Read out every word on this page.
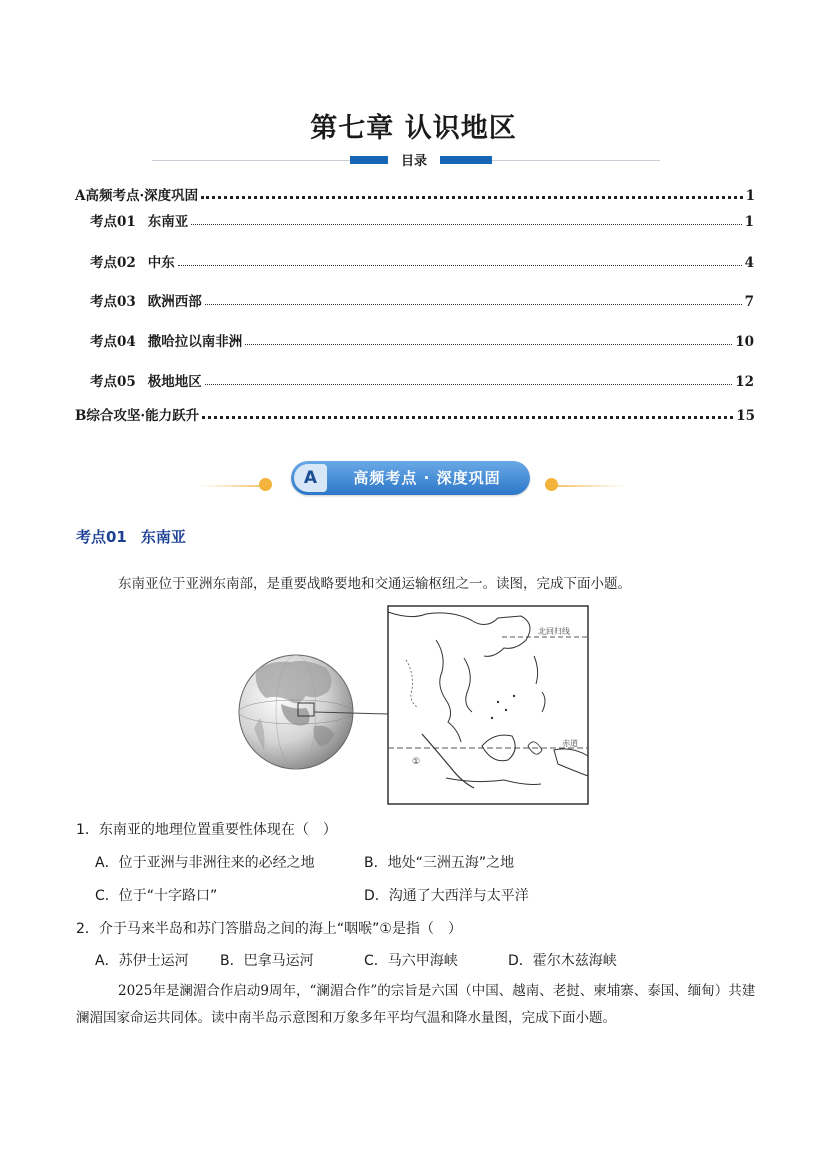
第七章 认识地区
目录
A高频考点·深度巩固	1
考点01 东南亚	1
考点02 中东	4
考点03 欧洲西部	7
考点04 撒哈拉以南非洲	10
考点05 极地地区	12
B综合攻坚·能力跃升	15
A	高频考点 · 深度巩固
考点01 东南亚
东南亚位于亚洲东南部，是重要战略要地和交通运输枢纽之一。读图，完成下面小题。
北回归线
赤道
①
1．东南亚的地理位置重要性体现在（　）
A．位于亚洲与非洲往来的必经之地	B．地处“三洲五海”之地
C．位于“十字路口”	D．沟通了大西洋与太平洋
2．介于马来半岛和苏门答腊岛之间的海上“咽喉”①是指（　）
A．苏伊士运河 B．巴拿马运河	C．马六甲海峡	D．霍尔木兹海峡
2025年是澜湄合作启动9周年，“澜湄合作”的宗旨是六国（中国、越南、老挝、柬埔寨、泰国、缅甸）共建澜湄国家命运共同体。读中南半岛示意图和万象多年平均气温和降水量图，完成下面小题。
